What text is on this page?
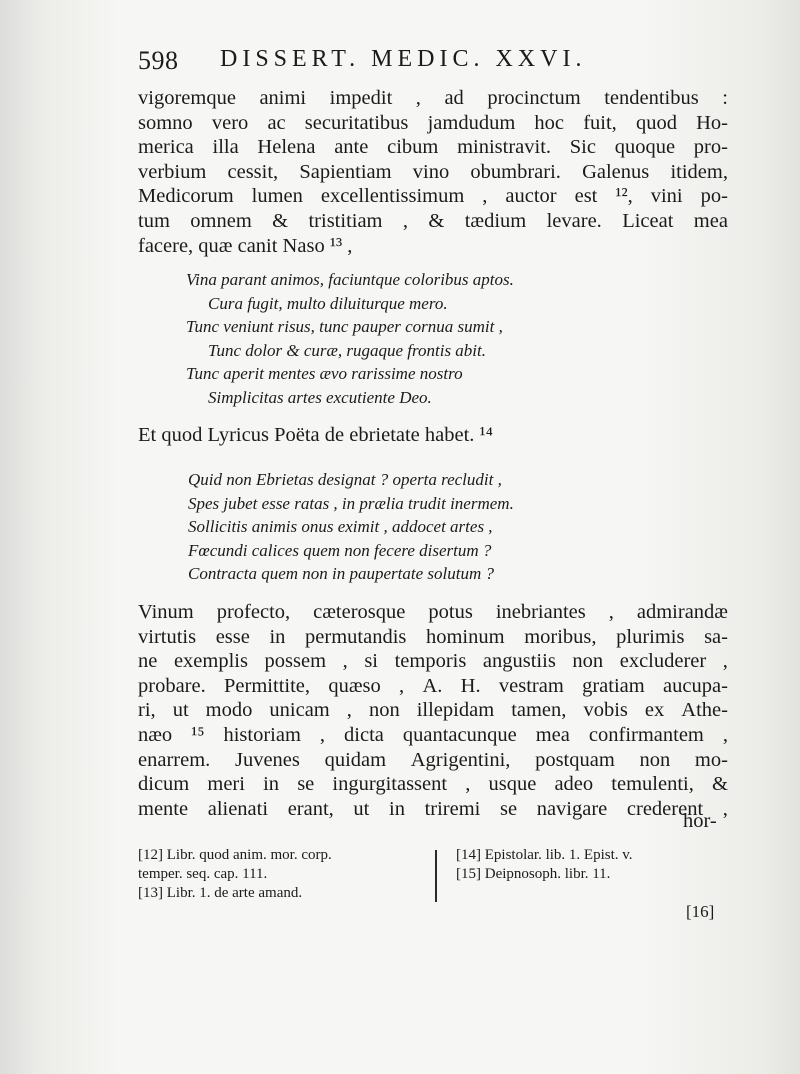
598 DISSERT. MEDIC. XXVI.
vigoremque animi impedit , ad procinctum tendentibus :
somno vero ac securitatibus jamdudum hoc fuit, quod Ho-
merica illa Helena ante cibum ministravit. Sic quoque pro-
verbium cessit, Sapientiam vino obumbrari. Galenus itidem,
Medicorum lumen excellentissimum , auctor est ¹², vini po-
tum omnem & tristitiam , & tædium levare. Liceat mea
facere, quæ canit Naso ¹³ ,
Vina parant animos, faciuntque coloribus aptos.
Cura fugit, multo diluiturque mero.
Tunc veniunt risus, tunc pauper cornua sumit ,
Tunc dolor & curæ, rugaque frontis abit.
Tunc aperit mentes ævo rarissime nostro
Simplicitas artes excutiente Deo.
Et quod Lyricus Poëta de ebrietate habet. ¹⁴
Quid non Ebrietas designat ? operta recludit ,
Spes jubet esse ratas , in prælia trudit inermem.
Sollicitis animis onus eximit , addocet artes ,
Fœcundi calices quem non fecere disertum ?
Contracta quem non in paupertate solutum ?
Vinum profecto, cæterosque potus inebriantes , admirandæ
virtutis esse in permutandis hominum moribus, plurimis sa-
ne exemplis possem , si temporis angustiis non excluderer ,
probare. Permittite, quæso , A. H. vestram gratiam aucupa-
ri, ut modo unicam , non illepidam tamen, vobis ex Athe-
næo ¹⁵ historiam , dicta quantacunque mea confirmantem ,
enarrem. Juvenes quidam Agrigentini, postquam non mo-
dicum meri in se ingurgitassent , usque adeo temulenti, &
mente alienati erant, ut in triremi se navigare crederent ,
hor-
[12] Libr. quod anim. mor. corp.
temper. seq. cap. 111.
[13] Libr. 1. de arte amand.
[14] Epistolar. lib. 1. Epist. v.
[15] Deipnosoph. libr. 11.
[16]
